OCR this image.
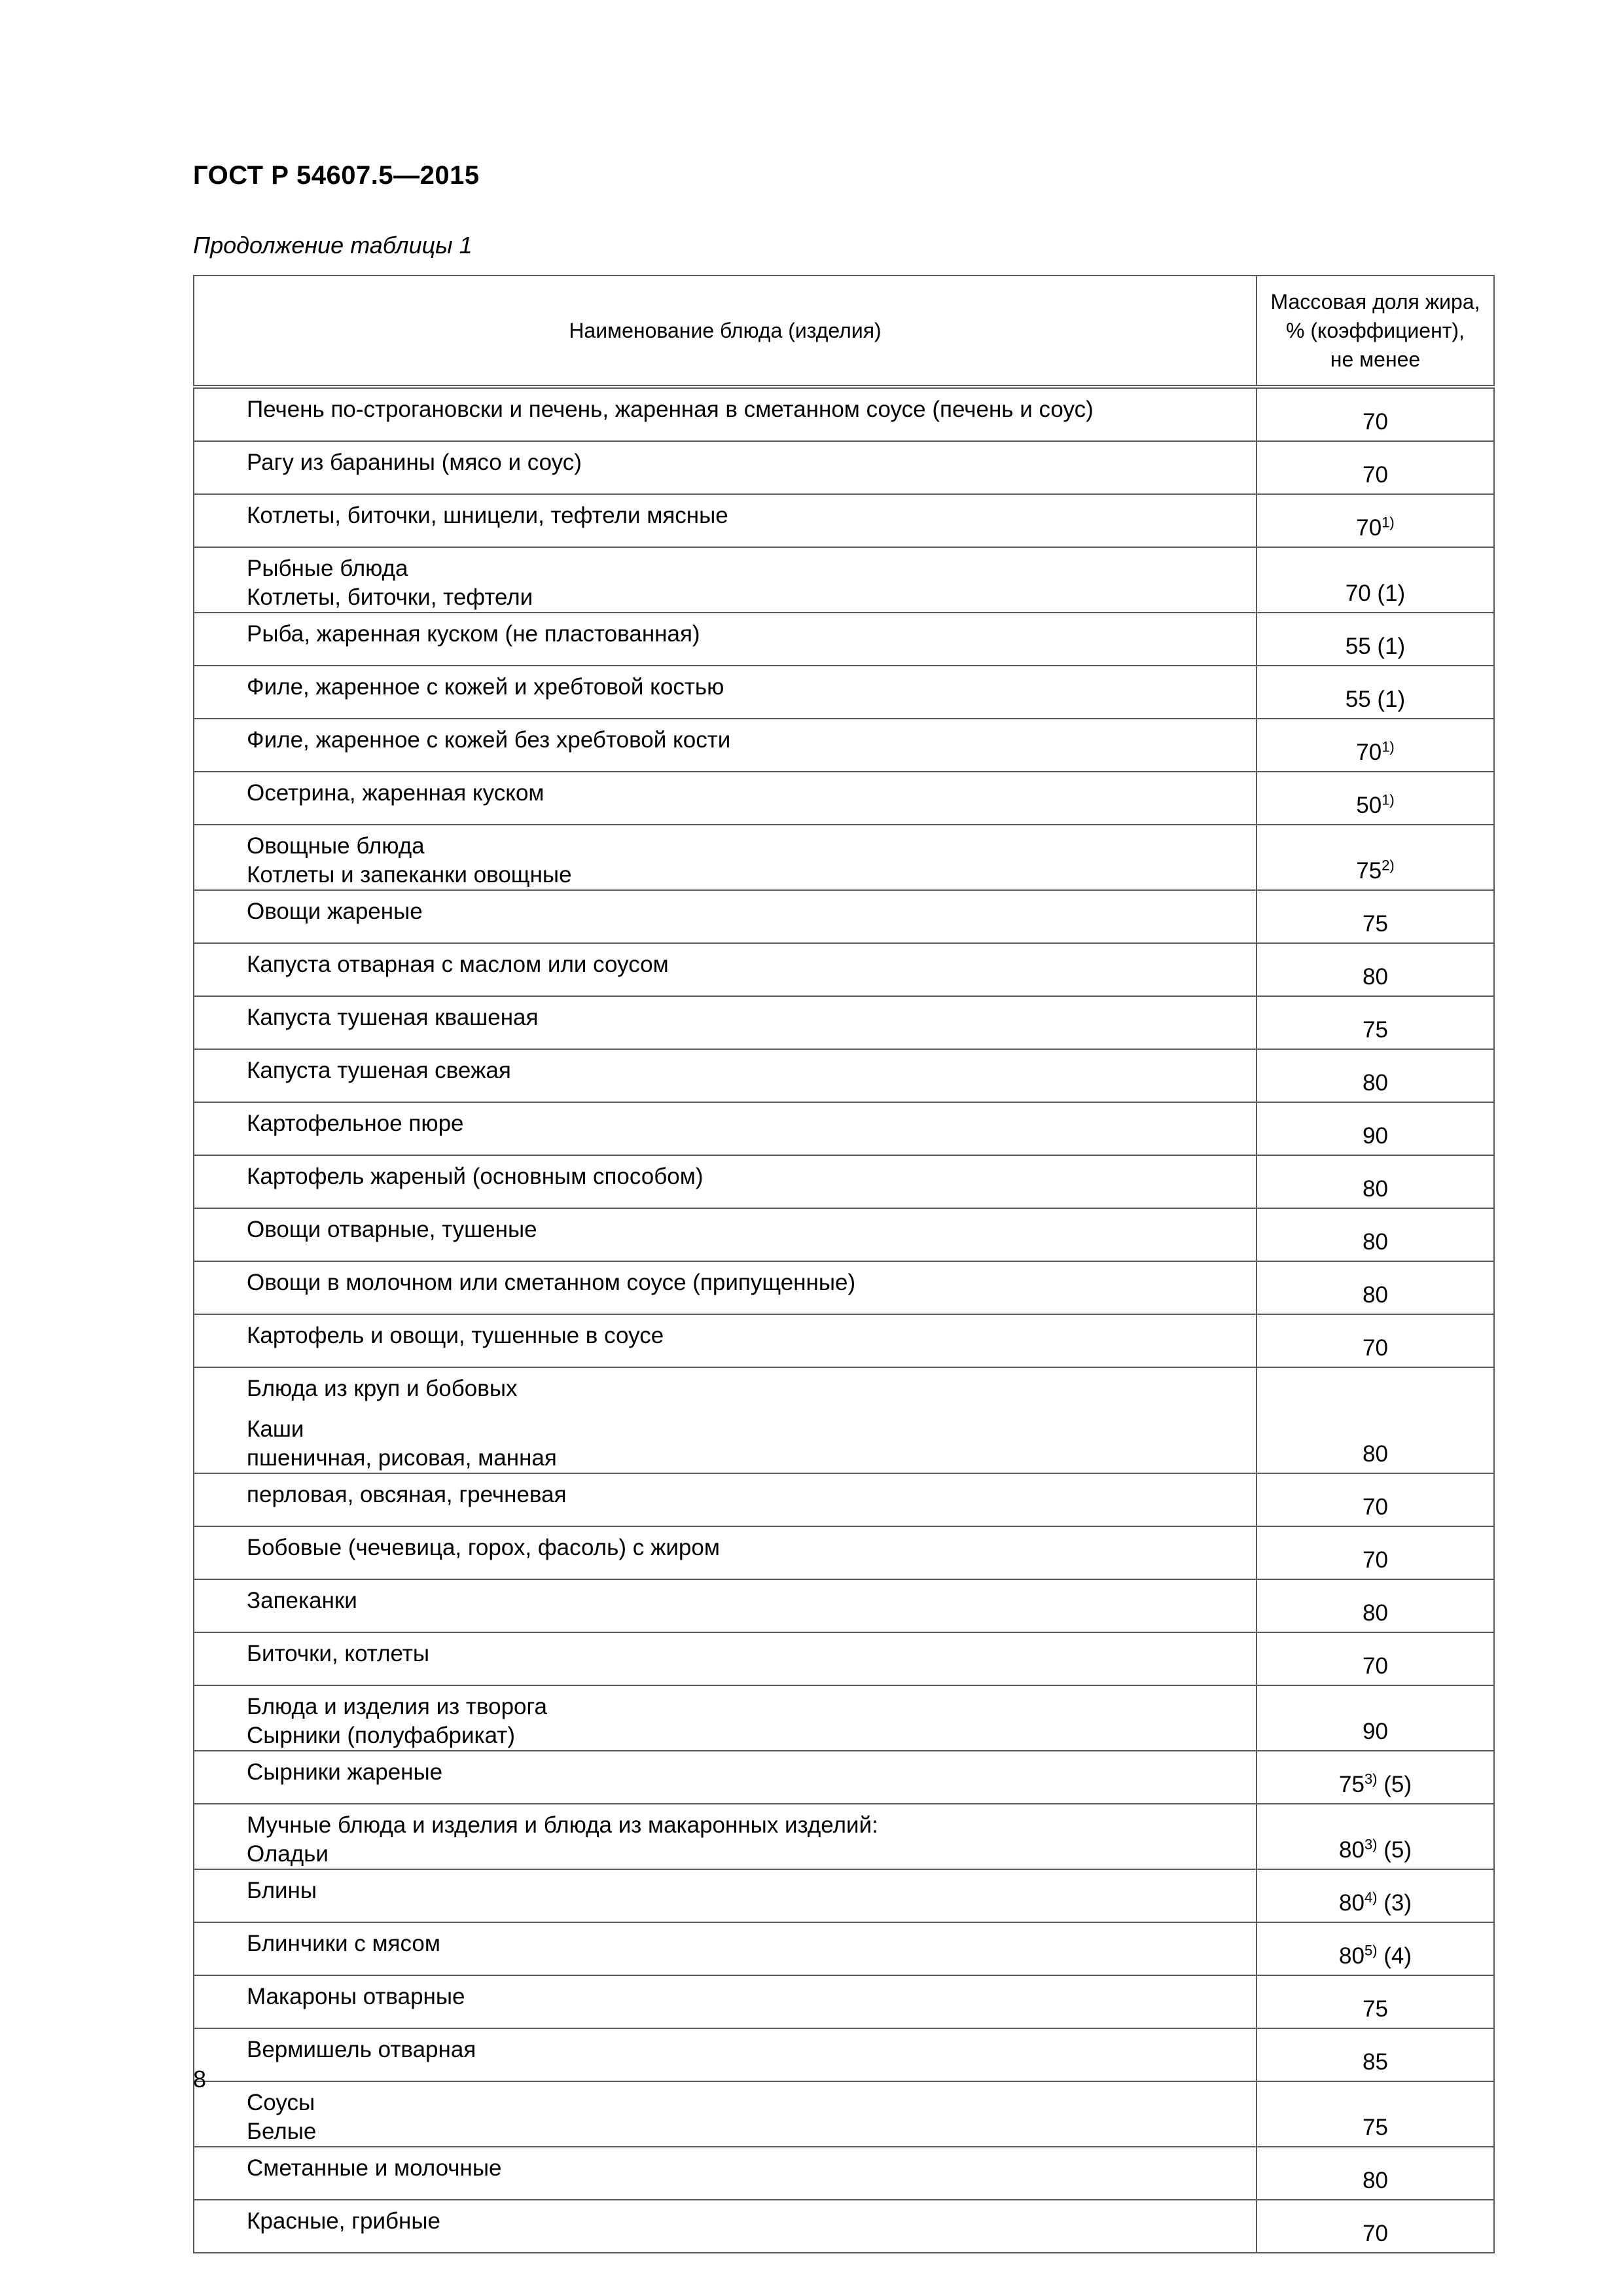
ГОСТ Р 54607.5—2015
Продолжение таблицы 1
Наименование блюда (изделия)	Массовая доля жира,
% (коэффициент),
не менее

Печень по-строгановски и печень, жаренная в сметанном соусе (печень и соус)	70

Рагу из баранины (мясо и соус)	70

Котлеты, биточки, шницели, тефтели мясные	70$^{1)}$

Рыбные блюда
Котлеты, биточки, тефтели	70 (1)

Рыба, жаренная куском (не пластованная)	55 (1)

Филе, жаренное с кожей и хребтовой костью	55 (1)

Филе, жаренное с кожей без хребтовой кости	70$^{1)}$

Осетрина, жаренная куском	50$^{1)}$

Овощные блюда
Котлеты и запеканки овощные	75$^{2)}$

Овощи жареные	75

Капуста отварная с маслом или соусом	80

Капуста тушеная квашеная	75

Капуста тушеная свежая	80

Картофельное пюре	90

Картофель жареный (основным способом)	80

Овощи отварные, тушеные	80

Овощи в молочном или сметанном соусе (припущенные)	80

Картофель и овощи, тушенные в соусе	70

Блюда из круп и бобовых
Каши
пшеничная, рисовая, манная	80

перловая, овсяная, гречневая	70

Бобовые (чечевица, горох, фасоль) с жиром	70

Запеканки	80

Биточки, котлеты	70

Блюда и изделия из творога
Сырники (полуфабрикат)	90

Сырники жареные	75$^{3)}$ (5)

Мучные блюда и изделия и блюда из макаронных изделий:
Оладьи	80$^{3)}$ (5)

Блины	80$^{4)}$ (3)

Блинчики с мясом	80$^{5)}$ (4)

Макароны отварные	75

Вермишель отварная	85

Соусы
Белые	75

Сметанные и молочные	80

Красные, грибные	70
8
